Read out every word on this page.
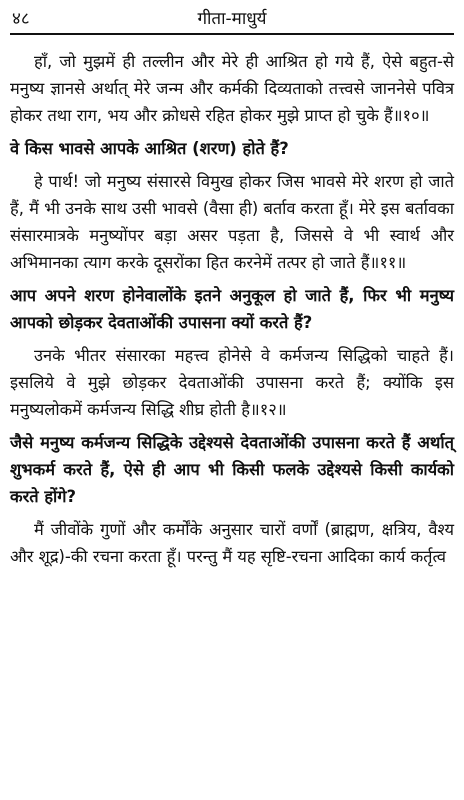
४८	गीता-माधुर्य

हाँ, जो मुझमें ही तल्लीन और मेरे ही आश्रित हो गये हैं, ऐसे बहुत-से मनुष्य ज्ञानसे अर्थात् मेरे जन्म और कर्मकी दिव्यताको तत्त्वसे जाननेसे पवित्र होकर तथा राग, भय और क्रोधसे रहित होकर मुझे प्राप्त हो चुके हैं॥१०॥

वे किस भावसे आपके आश्रित (शरण) होते हैं?

हे पार्थ! जो मनुष्य संसारसे विमुख होकर जिस भावसे मेरे शरण हो जाते हैं, मैं भी उनके साथ उसी भावसे (वैसा ही) बर्ताव करता हूँ। मेरे इस बर्तावका संसारमात्रके मनुष्योंपर बड़ा असर पड़ता है, जिससे वे भी स्वार्थ और अभिमानका त्याग करके दूसरोंका हित करनेमें तत्पर हो जाते हैं॥११॥

आप अपने शरण होनेवालोंके इतने अनुकूल हो जाते हैं, फिर भी मनुष्य आपको छोड़कर देवताओंकी उपासना क्यों करते हैं?

उनके भीतर संसारका महत्त्व होनेसे वे कर्मजन्य सिद्धिको चाहते हैं। इसलिये वे मुझे छोड़कर देवताओंकी उपासना करते हैं; क्योंकि इस मनुष्यलोकमें कर्मजन्य सिद्धि शीघ्र होती है॥१२॥

जैसे मनुष्य कर्मजन्य सिद्धिके उद्देश्यसे देवताओंकी उपासना करते हैं अर्थात् शुभकर्म करते हैं, ऐसे ही आप भी किसी फलके उद्देश्यसे किसी कार्यको करते होंगे?

मैं जीवोंके गुणों और कर्मोंके अनुसार चारों वर्णों (ब्राह्मण, क्षत्रिय, वैश्य और शूद्र)-की रचना करता हूँ। परन्तु मैं यह सृष्टि-रचना आदिका कार्य कर्तृत्व
